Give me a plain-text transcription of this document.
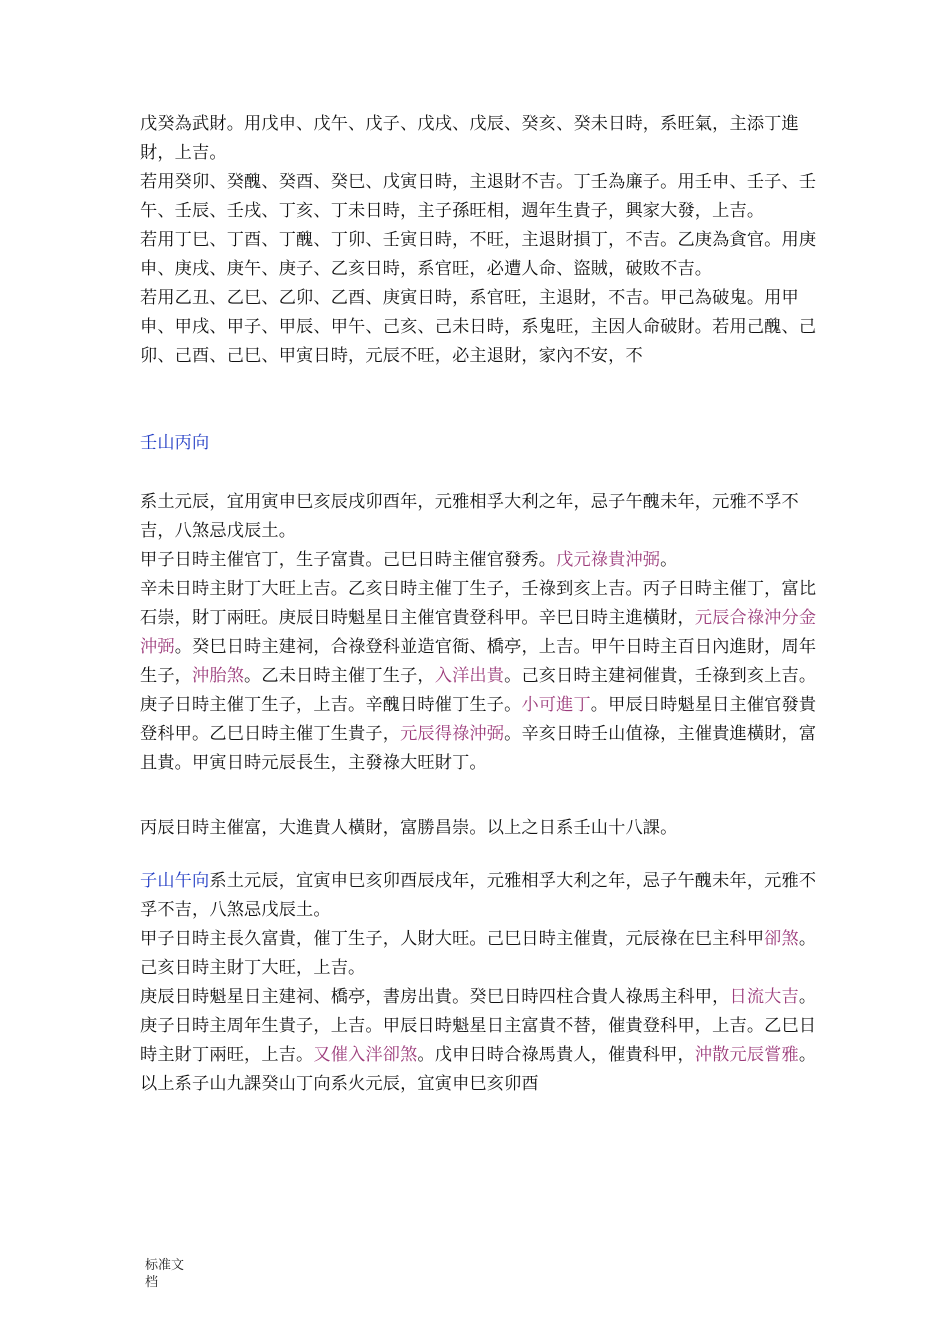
戊癸為武財。用戊申、戊午、戊子、戊戌、戊辰、癸亥、癸未日時，系旺氣，主添丁進財，上吉。

若用癸卯、癸醜、癸酉、癸巳、戊寅日時，主退財不吉。丁壬為廉子。用壬申、壬子、壬午、壬辰、壬戌、丁亥、丁未日時，主子孫旺相，週年生貴子，興家大發，上吉。

若用丁巳、丁酉、丁醜、丁卯、壬寅日時，不旺，主退財損丁，不吉。乙庚為貪官。用庚申、庚戌、庚午、庚子、乙亥日時，系官旺，必遭人命、盜賊，破敗不吉。

若用乙丑、乙巳、乙卯、乙酉、庚寅日時，系官旺，主退財，不吉。甲己為破鬼。用甲申、甲戌、甲子、甲辰、甲午、己亥、己未日時，系鬼旺，主因人命破財。若用己醜、己卯、己酉、己巳、甲寅日時，元辰不旺，必主退財，家內不安，不

壬山丙向

系土元辰，宜用寅申巳亥辰戌卯酉年，元雅相孚大利之年，忌子午醜未年，元雅不孚不吉，八煞忌戊辰土。

甲子日時主催官丁，生子富貴。己巳日時主催官發秀。戊元祿貴沖弼。

辛未日時主財丁大旺上吉。乙亥日時主催丁生子，壬祿到亥上吉。丙子日時主催丁，富比石崇，財丁兩旺。庚辰日時魁星日主催官貴登科甲。辛巳日時主進橫財，元辰合祿沖分金沖弼。癸巳日時主建祠，合祿登科並造官衙、橋亭，上吉。甲午日時主百日內進財，周年生子，沖胎煞。乙未日時主催丁生子，入洋出貴。己亥日時主建祠催貴，壬祿到亥上吉。

庚子日時主催丁生子，上吉。辛醜日時催丁生子。小可進丁。甲辰日時魁星日主催官發貴登科甲。乙巳日時主催丁生貴子，元辰得祿沖弼。辛亥日時壬山值祿，主催貴進橫財，富且貴。甲寅日時元辰長生，主發祿大旺財丁。

丙辰日時主催富，大進貴人橫財，富勝昌崇。以上之日系壬山十八課。

子山午向系土元辰，宜寅申巳亥卯酉辰戌年，元雅相孚大利之年，忌子午醜未年，元雅不孚不吉，八煞忌戊辰土。

甲子日時主長久富貴，催丁生子，人財大旺。己巳日時主催貴，元辰祿在巳主科甲卻煞。己亥日時主財丁大旺，上吉。

庚辰日時魁星日主建祠、橋亭，書房出貴。癸巳日時四柱合貴人祿馬主科甲，日流大吉。庚子日時主周年生貴子，上吉。甲辰日時魁星日主富貴不替，催貴登科甲，上吉。乙巳日時主財丁兩旺，上吉。又催入泮卻煞。戊申日時合祿馬貴人，催貴科甲，沖散元辰嘗雅。以上系子山九課癸山丁向系火元辰，宜寅申巳亥卯酉

标准文
档
